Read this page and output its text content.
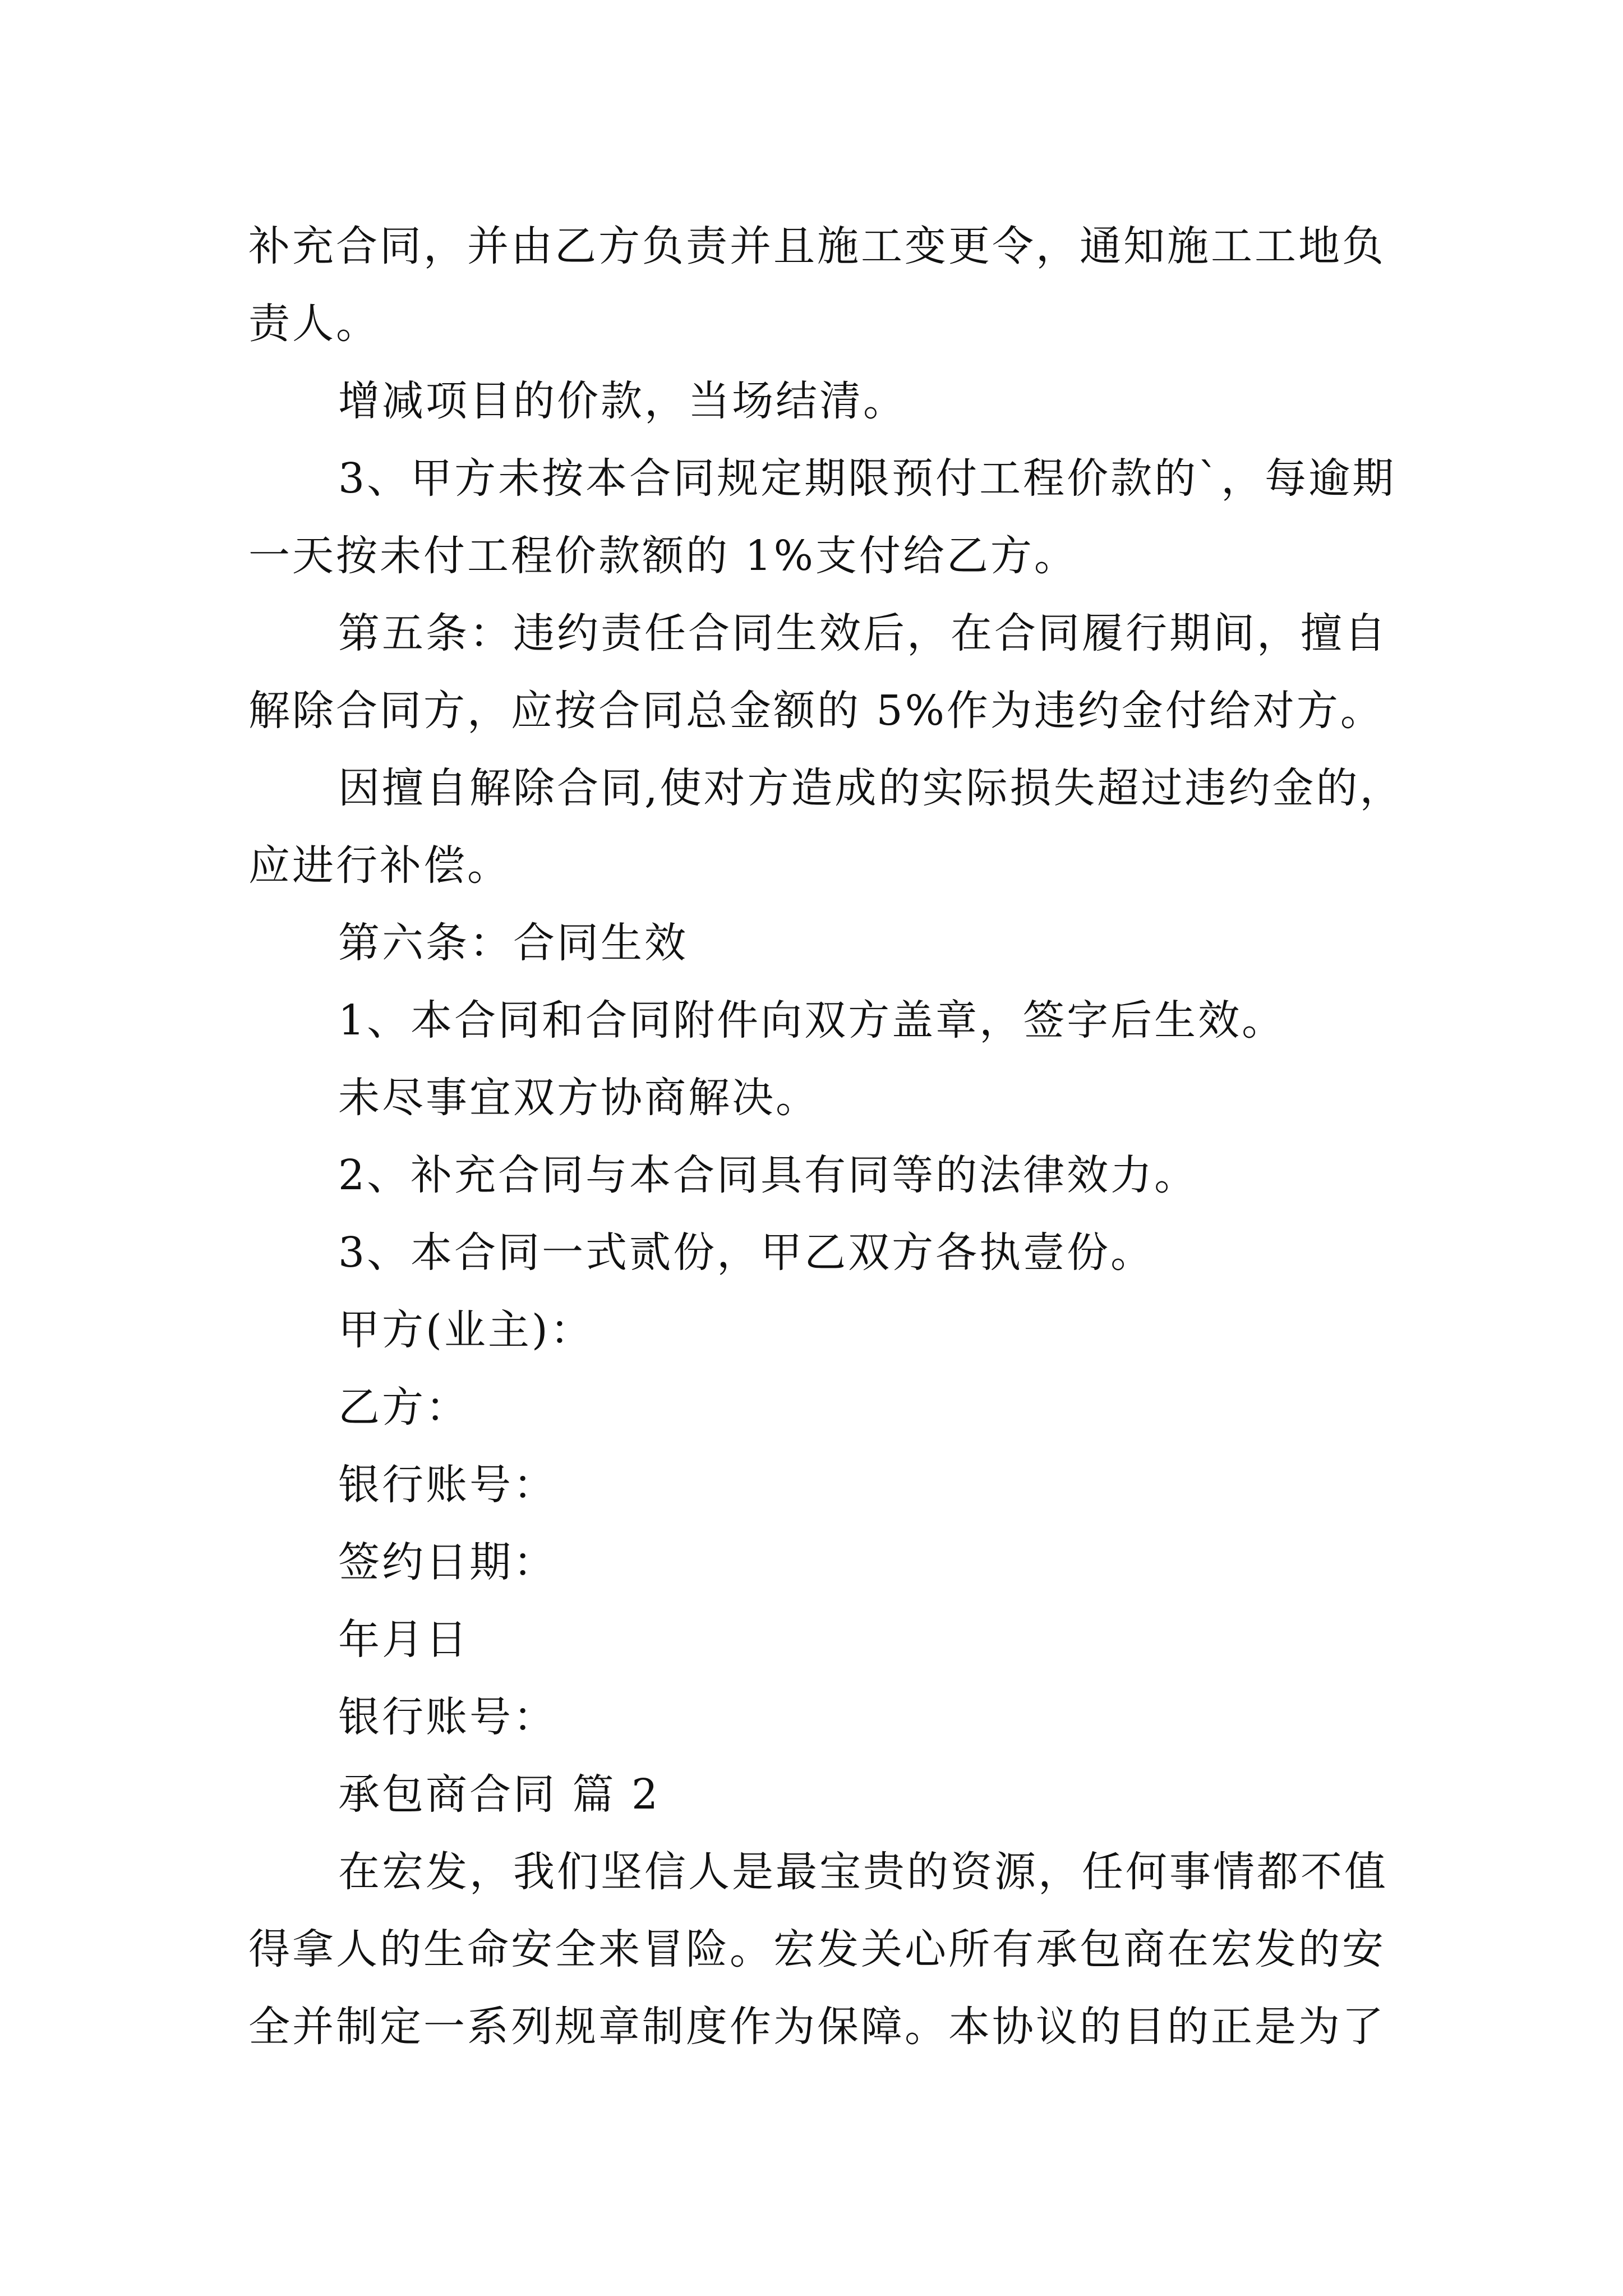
补充合同，并由乙方负责并且施工变更令，通知施工工地负
责人。
增减项目的价款，当场结清。
3、甲方未按本合同规定期限预付工程价款的`，每逾期
一天按未付工程价款额的 1%支付给乙方。
第五条：违约责任合同生效后，在合同履行期间，擅自
解除合同方，应按合同总金额的 5%作为违约金付给对方。
因擅自解除合同,使对方造成的实际损失超过违约金的，
应进行补偿。
第六条：合同生效
1、本合同和合同附件向双方盖章，签字后生效。
未尽事宜双方协商解决。
2、补充合同与本合同具有同等的法律效力。
3、本合同一式贰份，甲乙双方各执壹份。
甲方(业主)：
乙方：
银行账号：
签约日期：
年月日
银行账号：
承包商合同 篇 2
在宏发，我们坚信人是最宝贵的资源，任何事情都不值
得拿人的生命安全来冒险。宏发关心所有承包商在宏发的安
全并制定一系列规章制度作为保障。本协议的目的正是为了
